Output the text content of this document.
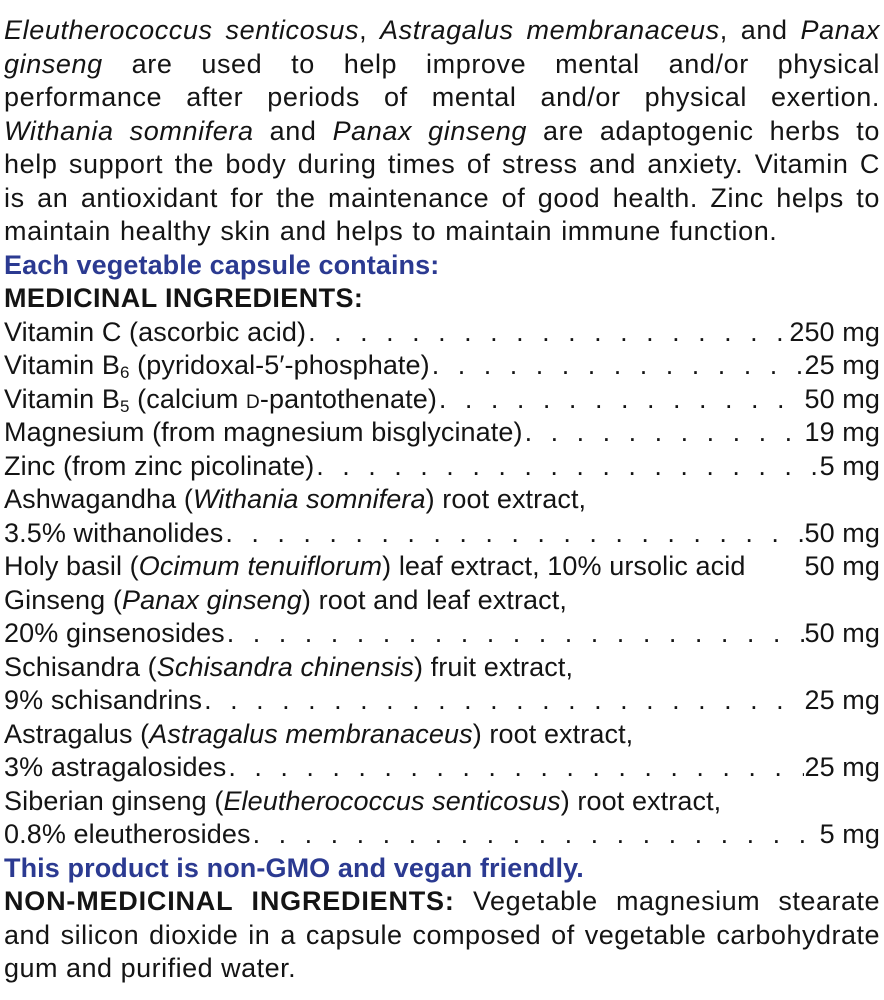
Eleutherococcus senticosus, Astragalus membranaceus, and Panax ginseng are used to help improve mental and/or physical performance after periods of mental and/or physical exertion. Withania somnifera and Panax ginseng are adaptogenic herbs to help support the body during times of stress and anxiety. Vitamin C is an antioxidant for the maintenance of good health. Zinc helps to maintain healthy skin and helps to maintain immune function.
Each vegetable capsule contains:
MEDICINAL INGREDIENTS:
Vitamin C (ascorbic acid) . . .	250 mg
Vitamin $B_6$ (pyridoxal-5′-phosphate) . . .	25 mg
Vitamin $B_5$ (calcium d-pantothenate) . . .	50 mg
Magnesium (from magnesium bisglycinate) . . .	19 mg
Zinc (from zinc picolinate) . . .	5 mg
Ashwagandha (Withania somnifera) root extract,
3.5% withanolides . . .	50 mg
Holy basil (Ocimum tenuiflorum) leaf extract, 10% ursolic acid 50 mg
Ginseng (Panax ginseng) root and leaf extract,
20% ginsenosides . . .	50 mg
Schisandra (Schisandra chinensis) fruit extract,
9% schisandrins . . .	25 mg
Astragalus (Astragalus membranaceus) root extract,
3% astragalosides . . .	25 mg
Siberian ginseng (Eleutherococcus senticosus) root extract,
0.8% eleutherosides . . .	5 mg
This product is non-GMO and vegan friendly.
NON-MEDICINAL INGREDIENTS: Vegetable magnesium stearate and silicon dioxide in a capsule composed of vegetable carbohydrate gum and purified water.
